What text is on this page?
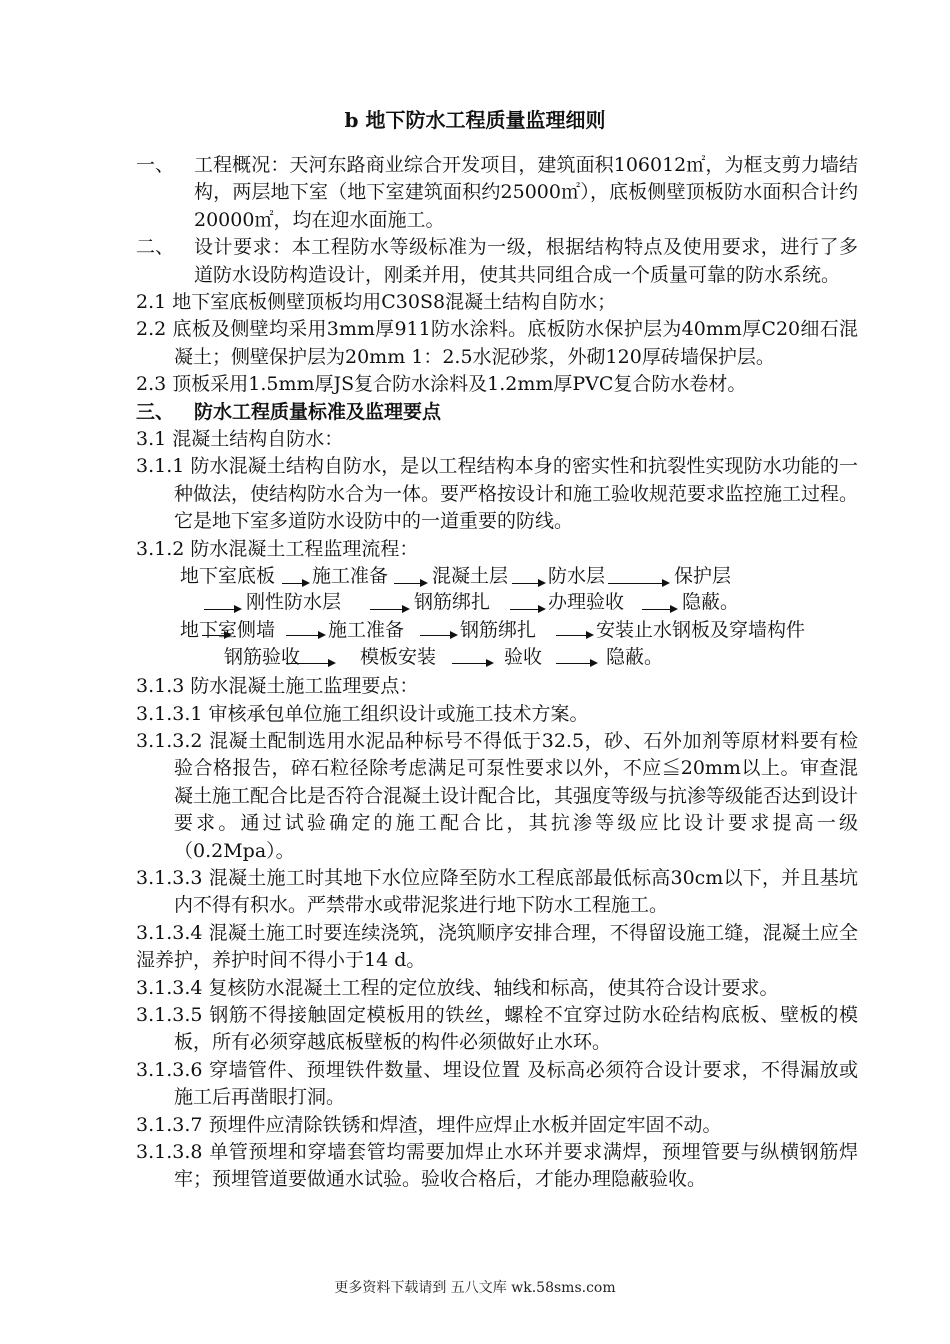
b 地下防水工程质量监理细则
一、	工程概况：天河东路商业综合开发项目，建筑面积106012㎡，为框支剪力墙结构，两层地下室（地下室建筑面积约25000㎡），底板侧壁顶板防水面积合计约20000㎡，均在迎水面施工。
二、	设计要求：本工程防水等级标准为一级，根据结构特点及使用要求，进行了多道防水设防构造设计，刚柔并用，使其共同组合成一个质量可靠的防水系统。

2.1 地下室底板侧壁顶板均用C30S8混凝土结构自防水；

2.2 底板及侧壁均采用3mm厚911防水涂料。底板防水保护层为40mm厚C20细石混凝土；侧壁保护层为20mm 1：2.5水泥砂浆，外砌120厚砖墙保护层。

2.3 顶板采用1.5mm厚JS复合防水涂料及1.2mm厚PVC复合防水卷材。

三、	防水工程质量标准及监理要点

3.1 混凝土结构自防水：

3.1.1 防水混凝土结构自防水，是以工程结构本身的密实性和抗裂性实现防水功能的一种做法，使结构防水合为一体。要严格按设计和施工验收规范要求监控施工过程。它是地下室多道防水设防中的一道重要的防线。

3.1.2 防水混凝土工程监理流程：

地下室底板 施工准备 混凝土层 防水层	保护层
刚性防水层	钢筋绑扎	办理验收	隐蔽。
地下室侧墙	施工准备	钢筋绑扎	安装止水钢板及穿墙构件
钢筋验收	模板安装	验收	隐蔽。

3.1.3 防水混凝土施工监理要点：

3.1.3.1 审核承包单位施工组织设计或施工技术方案。

3.1.3.2 混凝土配制选用水泥品种标号不得低于32.5，砂、石外加剂等原材料要有检验合格报告，碎石粒径除考虑满足可泵性要求以外，不应≦20mm以上。审查混凝土施工配合比是否符合混凝土设计配合比，其强度等级与抗渗等级能否达到设计要求。通过试验确定的施工配合比，其抗渗等级应比设计要求提高一级（0.2Mpa）。

3.1.3.3 混凝土施工时其地下水位应降至防水工程底部最低标高30cm以下，并且基坑内不得有积水。严禁带水或带泥浆进行地下防水工程施工。

3.1.3.4 混凝土施工时要连续浇筑，浇筑顺序安排合理，不得留设施工缝，混凝土应全湿养护，养护时间不得小于14 d。

3.1.3.4 复核防水混凝土工程的定位放线、轴线和标高，使其符合设计要求。

3.1.3.5 钢筋不得接触固定模板用的铁丝，螺栓不宜穿过防水砼结构底板、壁板的模板，所有必须穿越底板壁板的构件必须做好止水环。

3.1.3.6 穿墙管件、预埋铁件数量、埋设位置 及标高必须符合设计要求，不得漏放或施工后再凿眼打洞。

3.1.3.7 预埋件应清除铁锈和焊渣，埋件应焊止水板并固定牢固不动。

3.1.3.8 单管预埋和穿墙套管均需要加焊止水环并要求满焊，预埋管要与纵横钢筋焊牢；预埋管道要做通水试验。验收合格后，才能办理隐蔽验收。

更多资料下载请到 五八文库 wk.58sms.com
